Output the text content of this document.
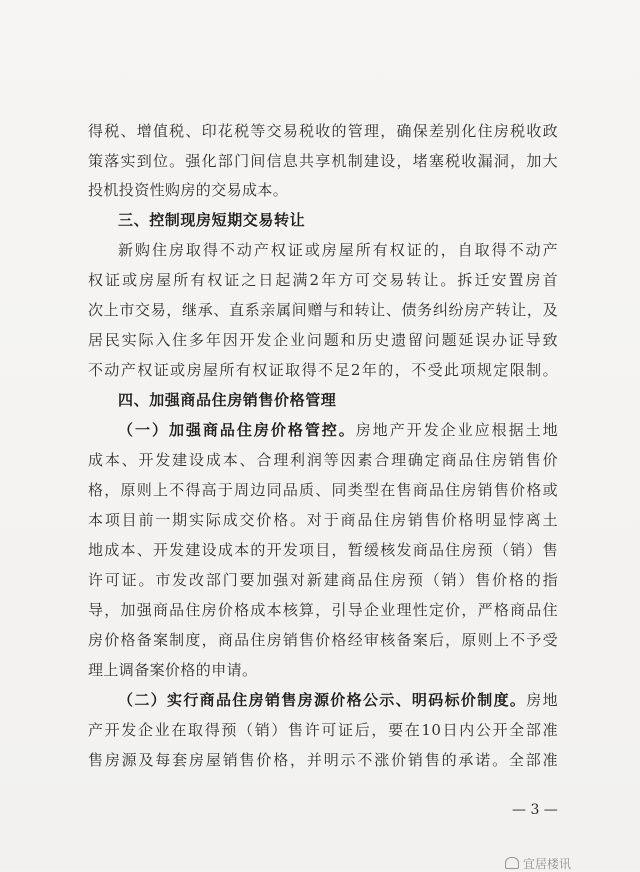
得税、增值税、印花税等交易税收的管理，确保差别化住房税收政
策落实到位。强化部门间信息共享机制建设，堵塞税收漏洞，加大
投机投资性购房的交易成本。
三、控制现房短期交易转让
新购住房取得不动产权证或房屋所有权证的，自取得不动产
权证或房屋所有权证之日起满2年方可交易转让。拆迁安置房首
次上市交易，继承、直系亲属间赠与和转让、债务纠纷房产转让，及
居民实际入住多年因开发企业问题和历史遗留问题延误办证导致
不动产权证或房屋所有权证取得不足2年的，不受此项规定限制。
四、加强商品住房销售价格管理
（一）加强商品住房价格管控。房地产开发企业应根据土地
成本、开发建设成本、合理利润等因素合理确定商品住房销售价
格，原则上不得高于周边同品质、同类型在售商品住房销售价格或
本项目前一期实际成交价格。对于商品住房销售价格明显悖离土
地成本、开发建设成本的开发项目，暂缓核发商品住房预（销）售
许可证。市发改部门要加强对新建商品住房预（销）售价格的指
导，加强商品住房价格成本核算，引导企业理性定价，严格商品住
房价格备案制度，商品住房销售价格经审核备案后，原则上不予受
理上调备案价格的申请。
（二）实行商品住房销售房源价格公示、明码标价制度。房地
产开发企业在取得预（销）售许可证后，要在10日内公开全部准
售房源及每套房屋销售价格，并明示不涨价销售的承诺。全部准
— 3 —
宜居楼讯
